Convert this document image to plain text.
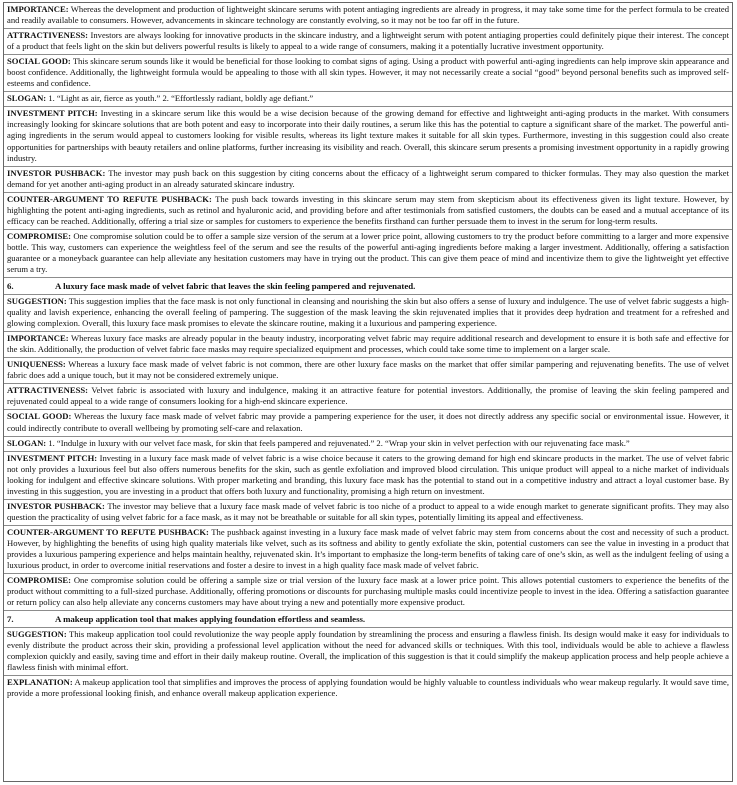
IMPORTANCE: Whereas the development and production of lightweight skincare serums with potent antiaging ingredients are already in progress, it may take some time for the perfect formula to be created and readily available to consumers. However, advancements in skincare technology are constantly evolving, so it may not be too far off in the future.
ATTRACTIVENESS: Investors are always looking for innovative products in the skincare industry, and a lightweight serum with potent antiaging properties could definitely pique their interest. The concept of a product that feels light on the skin but delivers powerful results is likely to appeal to a wide range of consumers, making it a potentially lucrative investment opportunity.
SOCIAL GOOD: This skincare serum sounds like it would be beneficial for those looking to combat signs of aging. Using a product with powerful anti-aging ingredients can help improve skin appearance and boost confidence. Additionally, the lightweight formula would be appealing to those with all skin types. However, it may not necessarily create a social “good” beyond personal benefits such as improved self-esteems and confidence.
SLOGAN: 1. “Light as air, fierce as youth.” 2. “Effortlessly radiant, boldly age defiant.”
INVESTMENT PITCH: Investing in a skincare serum like this would be a wise decision because of the growing demand for effective and lightweight anti-aging products in the market. With consumers increasingly looking for skincare solutions that are both potent and easy to incorporate into their daily routines, a serum like this has the potential to capture a significant share of the market. The powerful anti-aging ingredients in the serum would appeal to customers looking for visible results, whereas its light texture makes it suitable for all skin types. Furthermore, investing in this suggestion could also create opportunities for partnerships with beauty retailers and online platforms, further increasing its visibility and reach. Overall, this skincare serum presents a promising investment opportunity in a rapidly growing industry.
INVESTOR PUSHBACK: The investor may push back on this suggestion by citing concerns about the efficacy of a lightweight serum compared to thicker formulas. They may also question the market demand for yet another anti-aging product in an already saturated skincare industry.
COUNTER-ARGUMENT TO REFUTE PUSHBACK: The push back towards investing in this skincare serum may stem from skepticism about its effectiveness given its light texture. However, by highlighting the potent anti-aging ingredients, such as retinol and hyaluronic acid, and providing before and after testimonials from satisfied customers, the doubts can be eased and a mutual acceptance of its efficacy can be reached. Additionally, offering a trial size or samples for customers to experience the benefits firsthand can further persuade them to invest in the serum for long-term results.
COMPROMISE: One compromise solution could be to offer a sample size version of the serum at a lower price point, allowing customers to try the product before committing to a larger and more expensive bottle. This way, customers can experience the weightless feel of the serum and see the results of the powerful anti-aging ingredients before making a larger investment. Additionally, offering a satisfaction guarantee or a moneyback guarantee can help alleviate any hesitation customers may have in trying out the product. This can give them peace of mind and incentivize them to give the lightweight yet effective serum a try.
6.	A luxury face mask made of velvet fabric that leaves the skin feeling pampered and rejuvenated.
SUGGESTION: This suggestion implies that the face mask is not only functional in cleansing and nourishing the skin but also offers a sense of luxury and indulgence. The use of velvet fabric suggests a high-quality and lavish experience, enhancing the overall feeling of pampering. The suggestion of the mask leaving the skin rejuvenated implies that it provides deep hydration and treatment for a refreshed and glowing complexion. Overall, this luxury face mask promises to elevate the skincare routine, making it a luxurious and pampering experience.
IMPORTANCE: Whereas luxury face masks are already popular in the beauty industry, incorporating velvet fabric may require additional research and development to ensure it is both safe and effective for the skin. Additionally, the production of velvet fabric face masks may require specialized equipment and processes, which could take some time to implement on a larger scale.
UNIQUENESS: Whereas a luxury face mask made of velvet fabric is not common, there are other luxury face masks on the market that offer similar pampering and rejuvenating benefits. The use of velvet fabric does add a unique touch, but it may not be considered extremely unique.
ATTRACTIVENESS: Velvet fabric is associated with luxury and indulgence, making it an attractive feature for potential investors. Additionally, the promise of leaving the skin feeling pampered and rejuvenated could appeal to a wide range of consumers looking for a high-end skincare experience.
SOCIAL GOOD: Whereas the luxury face mask made of velvet fabric may provide a pampering experience for the user, it does not directly address any specific social or environmental issue. However, it could indirectly contribute to overall wellbeing by promoting self-care and relaxation.
SLOGAN: 1. “Indulge in luxury with our velvet face mask, for skin that feels pampered and rejuvenated.” 2. “Wrap your skin in velvet perfection with our rejuvenating face mask.”
INVESTMENT PITCH: Investing in a luxury face mask made of velvet fabric is a wise choice because it caters to the growing demand for high end skincare products in the market. The use of velvet fabric not only provides a luxurious feel but also offers numerous benefits for the skin, such as gentle exfoliation and improved blood circulation. This unique product will appeal to a niche market of individuals looking for indulgent and effective skincare solutions. With proper marketing and branding, this luxury face mask has the potential to stand out in a competitive industry and attract a loyal customer base. By investing in this suggestion, you are investing in a product that offers both luxury and functionality, promising a high return on investment.
INVESTOR PUSHBACK: The investor may believe that a luxury face mask made of velvet fabric is too niche of a product to appeal to a wide enough market to generate significant profits. They may also question the practicality of using velvet fabric for a face mask, as it may not be breathable or suitable for all skin types, potentially limiting its appeal and effectiveness.
COUNTER-ARGUMENT TO REFUTE PUSHBACK: The pushback against investing in a luxury face mask made of velvet fabric may stem from concerns about the cost and necessity of such a product. However, by highlighting the benefits of using high quality materials like velvet, such as its softness and ability to gently exfoliate the skin, potential customers can see the value in investing in a product that provides a luxurious pampering experience and helps maintain healthy, rejuvenated skin. It’s important to emphasize the long-term benefits of taking care of one’s skin, as well as the indulgent feeling of using a luxurious product, in order to overcome initial reservations and foster a desire to invest in a high quality face mask made of velvet fabric.
COMPROMISE: One compromise solution could be offering a sample size or trial version of the luxury face mask at a lower price point. This allows potential customers to experience the benefits of the product without committing to a full-sized purchase. Additionally, offering promotions or discounts for purchasing multiple masks could incentivize people to invest in the idea. Offering a satisfaction guarantee or return policy can also help alleviate any concerns customers may have about trying a new and potentially more expensive product.
7.	A makeup application tool that makes applying foundation effortless and seamless.
SUGGESTION: This makeup application tool could revolutionize the way people apply foundation by streamlining the process and ensuring a flawless finish. Its design would make it easy for individuals to evenly distribute the product across their skin, providing a professional level application without the need for advanced skills or techniques. With this tool, individuals would be able to achieve a flawless complexion quickly and easily, saving time and effort in their daily makeup routine. Overall, the implication of this suggestion is that it could simplify the makeup application process and help people achieve a flawless finish with minimal effort.
EXPLANATION: A makeup application tool that simplifies and improves the process of applying foundation would be highly valuable to countless individuals who wear makeup regularly. It would save time, provide a more professional looking finish, and enhance overall makeup application experience.
